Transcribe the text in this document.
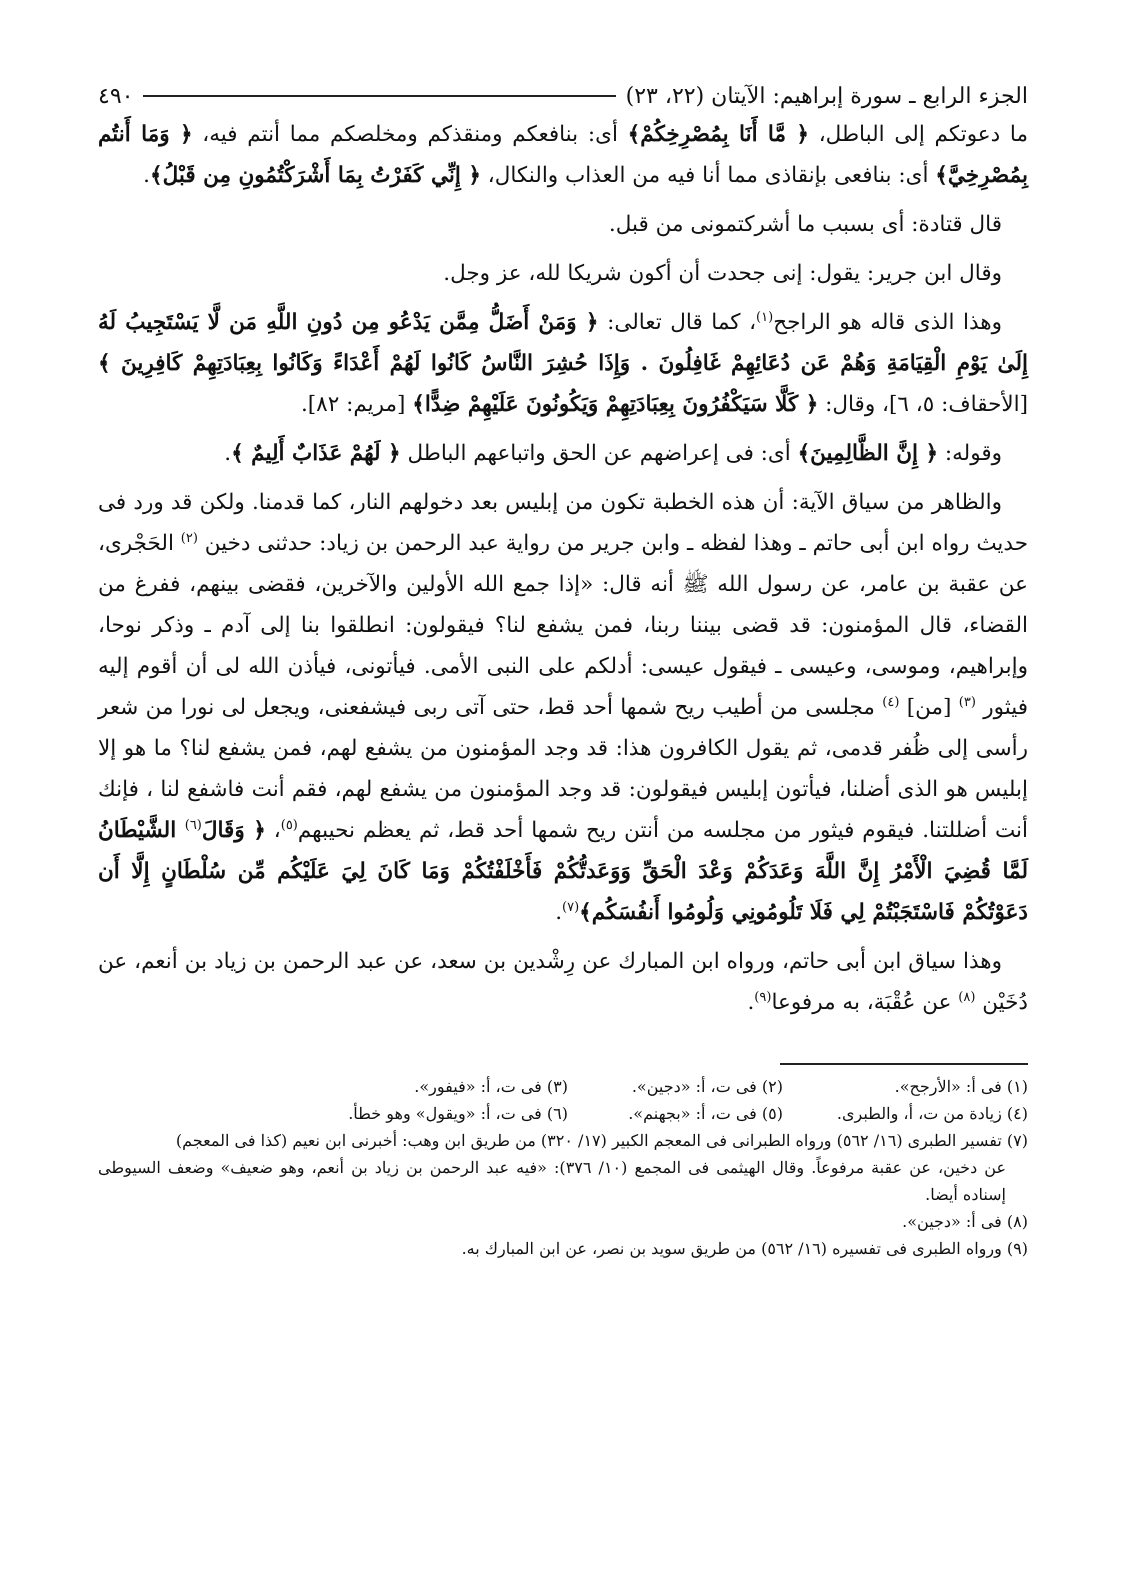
الجزء الرابع ـ سورة إبراهيم: الآيتان (٢٢، ٢٣)
٤٩٠

ما دعوتكم إلى الباطل، ﴿ مَّا أَنَا بِمُصْرِخِكُمْ﴾ أى: بنافعكم ومنقذكم ومخلصكم مما أنتم فيه، ﴿ وَمَا أَنتُم بِمُصْرِخِيَّ﴾ أى: بنافعى بإنقاذى مما أنا فيه من العذاب والنكال، ﴿ إِنِّي كَفَرْتُ بِمَا أَشْرَكْتُمُونِ مِن قَبْلُ﴾.

قال قتادة: أى بسبب ما أشركتمونى من قبل.

وقال ابن جرير: يقول: إنى جحدت أن أكون شريكا لله، عز وجل.

وهذا الذى قاله هو الراجح$^{(١)}$، كما قال تعالى: ﴿ وَمَنْ أَضَلُّ مِمَّن يَدْعُو مِن دُونِ اللَّهِ مَن لَّا يَسْتَجِيبُ لَهُ إِلَىٰ يَوْمِ الْقِيَامَةِ وَهُمْ عَن دُعَائِهِمْ غَافِلُونَ . وَإِذَا حُشِرَ النَّاسُ كَانُوا لَهُمْ أَعْدَاءً وَكَانُوا بِعِبَادَتِهِمْ كَافِرِينَ ﴾ [الأحقاف: ٥، ٦]، وقال: ﴿ كَلَّا سَيَكْفُرُونَ بِعِبَادَتِهِمْ وَيَكُونُونَ عَلَيْهِمْ ضِدًّا﴾ [مريم: ٨٢].

وقوله: ﴿ إِنَّ الظَّالِمِينَ﴾ أى: فى إعراضهم عن الحق واتباعهم الباطل ﴿ لَهُمْ عَذَابٌ أَلِيمٌ ﴾.

والظاهر من سياق الآية: أن هذه الخطبة تكون من إبليس بعد دخولهم النار، كما قدمنا. ولكن قد ورد فى حديث رواه ابن أبى حاتم ـ وهذا لفظه ـ وابن جرير من رواية عبد الرحمن بن زياد: حدثنى دخين $^{(٢)}$ الحَجْرى، عن عقبة بن عامر، عن رسول الله ﷺ أنه قال: «إذا جمع الله الأولين والآخرين، فقضى بينهم، ففرغ من القضاء، قال المؤمنون: قد قضى بيننا ربنا، فمن يشفع لنا؟ فيقولون: انطلقوا بنا إلى آدم ـ وذكر نوحا، وإبراهيم، وموسى، وعيسى ـ فيقول عيسى: أدلكم على النبى الأمى. فيأتونى، فيأذن الله لى أن أقوم إليه فيثور $^{(٣)}$ [من] $^{(٤)}$ مجلسى من أطيب ريح شمها أحد قط، حتى آتى ربى فيشفعنى، ويجعل لى نورا من شعر رأسى إلى ظُفر قدمى، ثم يقول الكافرون هذا: قد وجد المؤمنون من يشفع لهم، فمن يشفع لنا؟ ما هو إلا إبليس هو الذى أضلنا، فيأتون إبليس فيقولون: قد وجد المؤمنون من يشفع لهم، فقم أنت فاشفع لنا ، فإنك أنت أضللتنا. فيقوم فيثور من مجلسه من أنتن ريح شمها أحد قط، ثم يعظم نحيبهم$^{(٥)}$، ﴿ وَقَالَ$^{(٦)}$ الشَّيْطَانُ لَمَّا قُضِيَ الْأَمْرُ إِنَّ اللَّهَ وَعَدَكُمْ وَعْدَ الْحَقِّ وَوَعَدتُّكُمْ فَأَخْلَفْتُكُمْ وَمَا كَانَ لِيَ عَلَيْكُم مِّن سُلْطَانٍ إِلَّا أَن دَعَوْتُكُمْ فَاسْتَجَبْتُمْ لِي فَلَا تَلُومُونِي وَلُومُوا أَنفُسَكُم﴾$^{(٧)}$.

وهذا سياق ابن أبى حاتم، ورواه ابن المبارك عن رِشْدين بن سعد، عن عبد الرحمن بن زياد بن أنعم، عن دُخَيْن $^{(٨)}$ عن عُقْبَة، به مرفوعا$^{(٩)}$.

(١) فى أ: «الأرجح».
(٢) فى ت، أ: «دجين».
(٣) فى ت، أ: «فيفور».
(٤) زيادة من ت، أ، والطبرى.
(٥) فى ت، أ: «بجهنم».
(٦) فى ت، أ: «ويقول» وهو خطأ.

(٧) تفسير الطبرى (١٦/ ٥٦٢) ورواه الطبرانى فى المعجم الكبير (١٧/ ٣٢٠) من طريق ابن وهب: أخبرنى ابن نعيم (كذا فى المعجم)

عن دخين، عن عقبة مرفوعاً. وقال الهيثمى فى المجمع (١٠/ ٣٧٦): «فيه عبد الرحمن بن زياد بن أنعم، وهو ضعيف» وضعف السيوطى إسناده أيضا.

(٨) فى أ: «دجين».

(٩) ورواه الطبرى فى تفسيره (١٦/ ٥٦٢) من طريق سويد بن نصر، عن ابن المبارك به.
